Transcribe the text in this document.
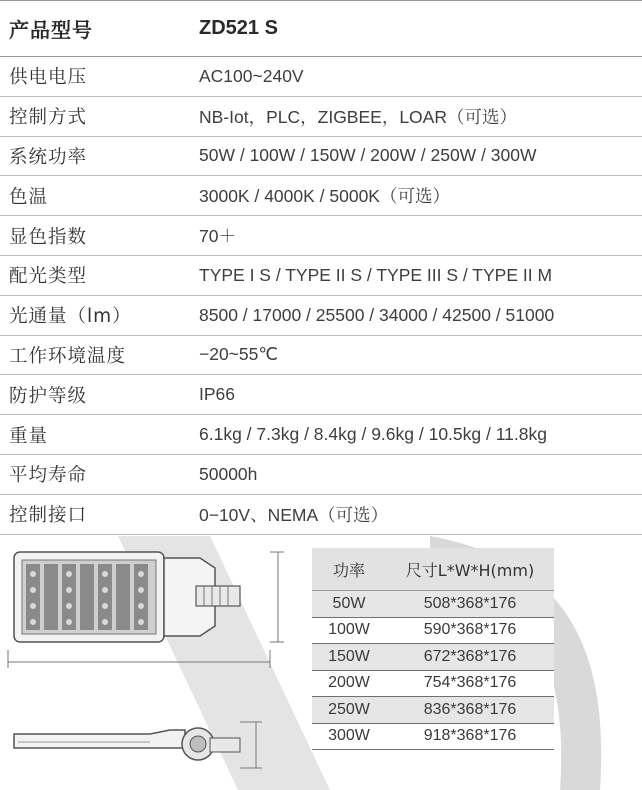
产品型号	ZD521 S
供电电压	AC100~240V
控制方式	NB-Iot，PLC，ZIGBEE，LOAR（可选）
系统功率	50W / 100W / 150W / 200W / 250W / 300W
色温	3000K / 4000K / 5000K（可选）
显色指数	70＋
配光类型	TYPE I S / TYPE II S / TYPE III S / TYPE II M
光通量（lm）	8500 / 17000 / 25500 / 34000 / 42500 / 51000
工作环境温度	−20~55℃
防护等级	IP66
重量	6.1kg / 7.3kg / 8.4kg / 9.6kg / 10.5kg / 11.8kg
平均寿命	50000h
控制接口	0−10V、NEMA（可选）
功率	尺寸L*W*H(mm)
50W	508*368*176
100W	590*368*176
150W	672*368*176
200W	754*368*176
250W	836*368*176
300W	918*368*176
